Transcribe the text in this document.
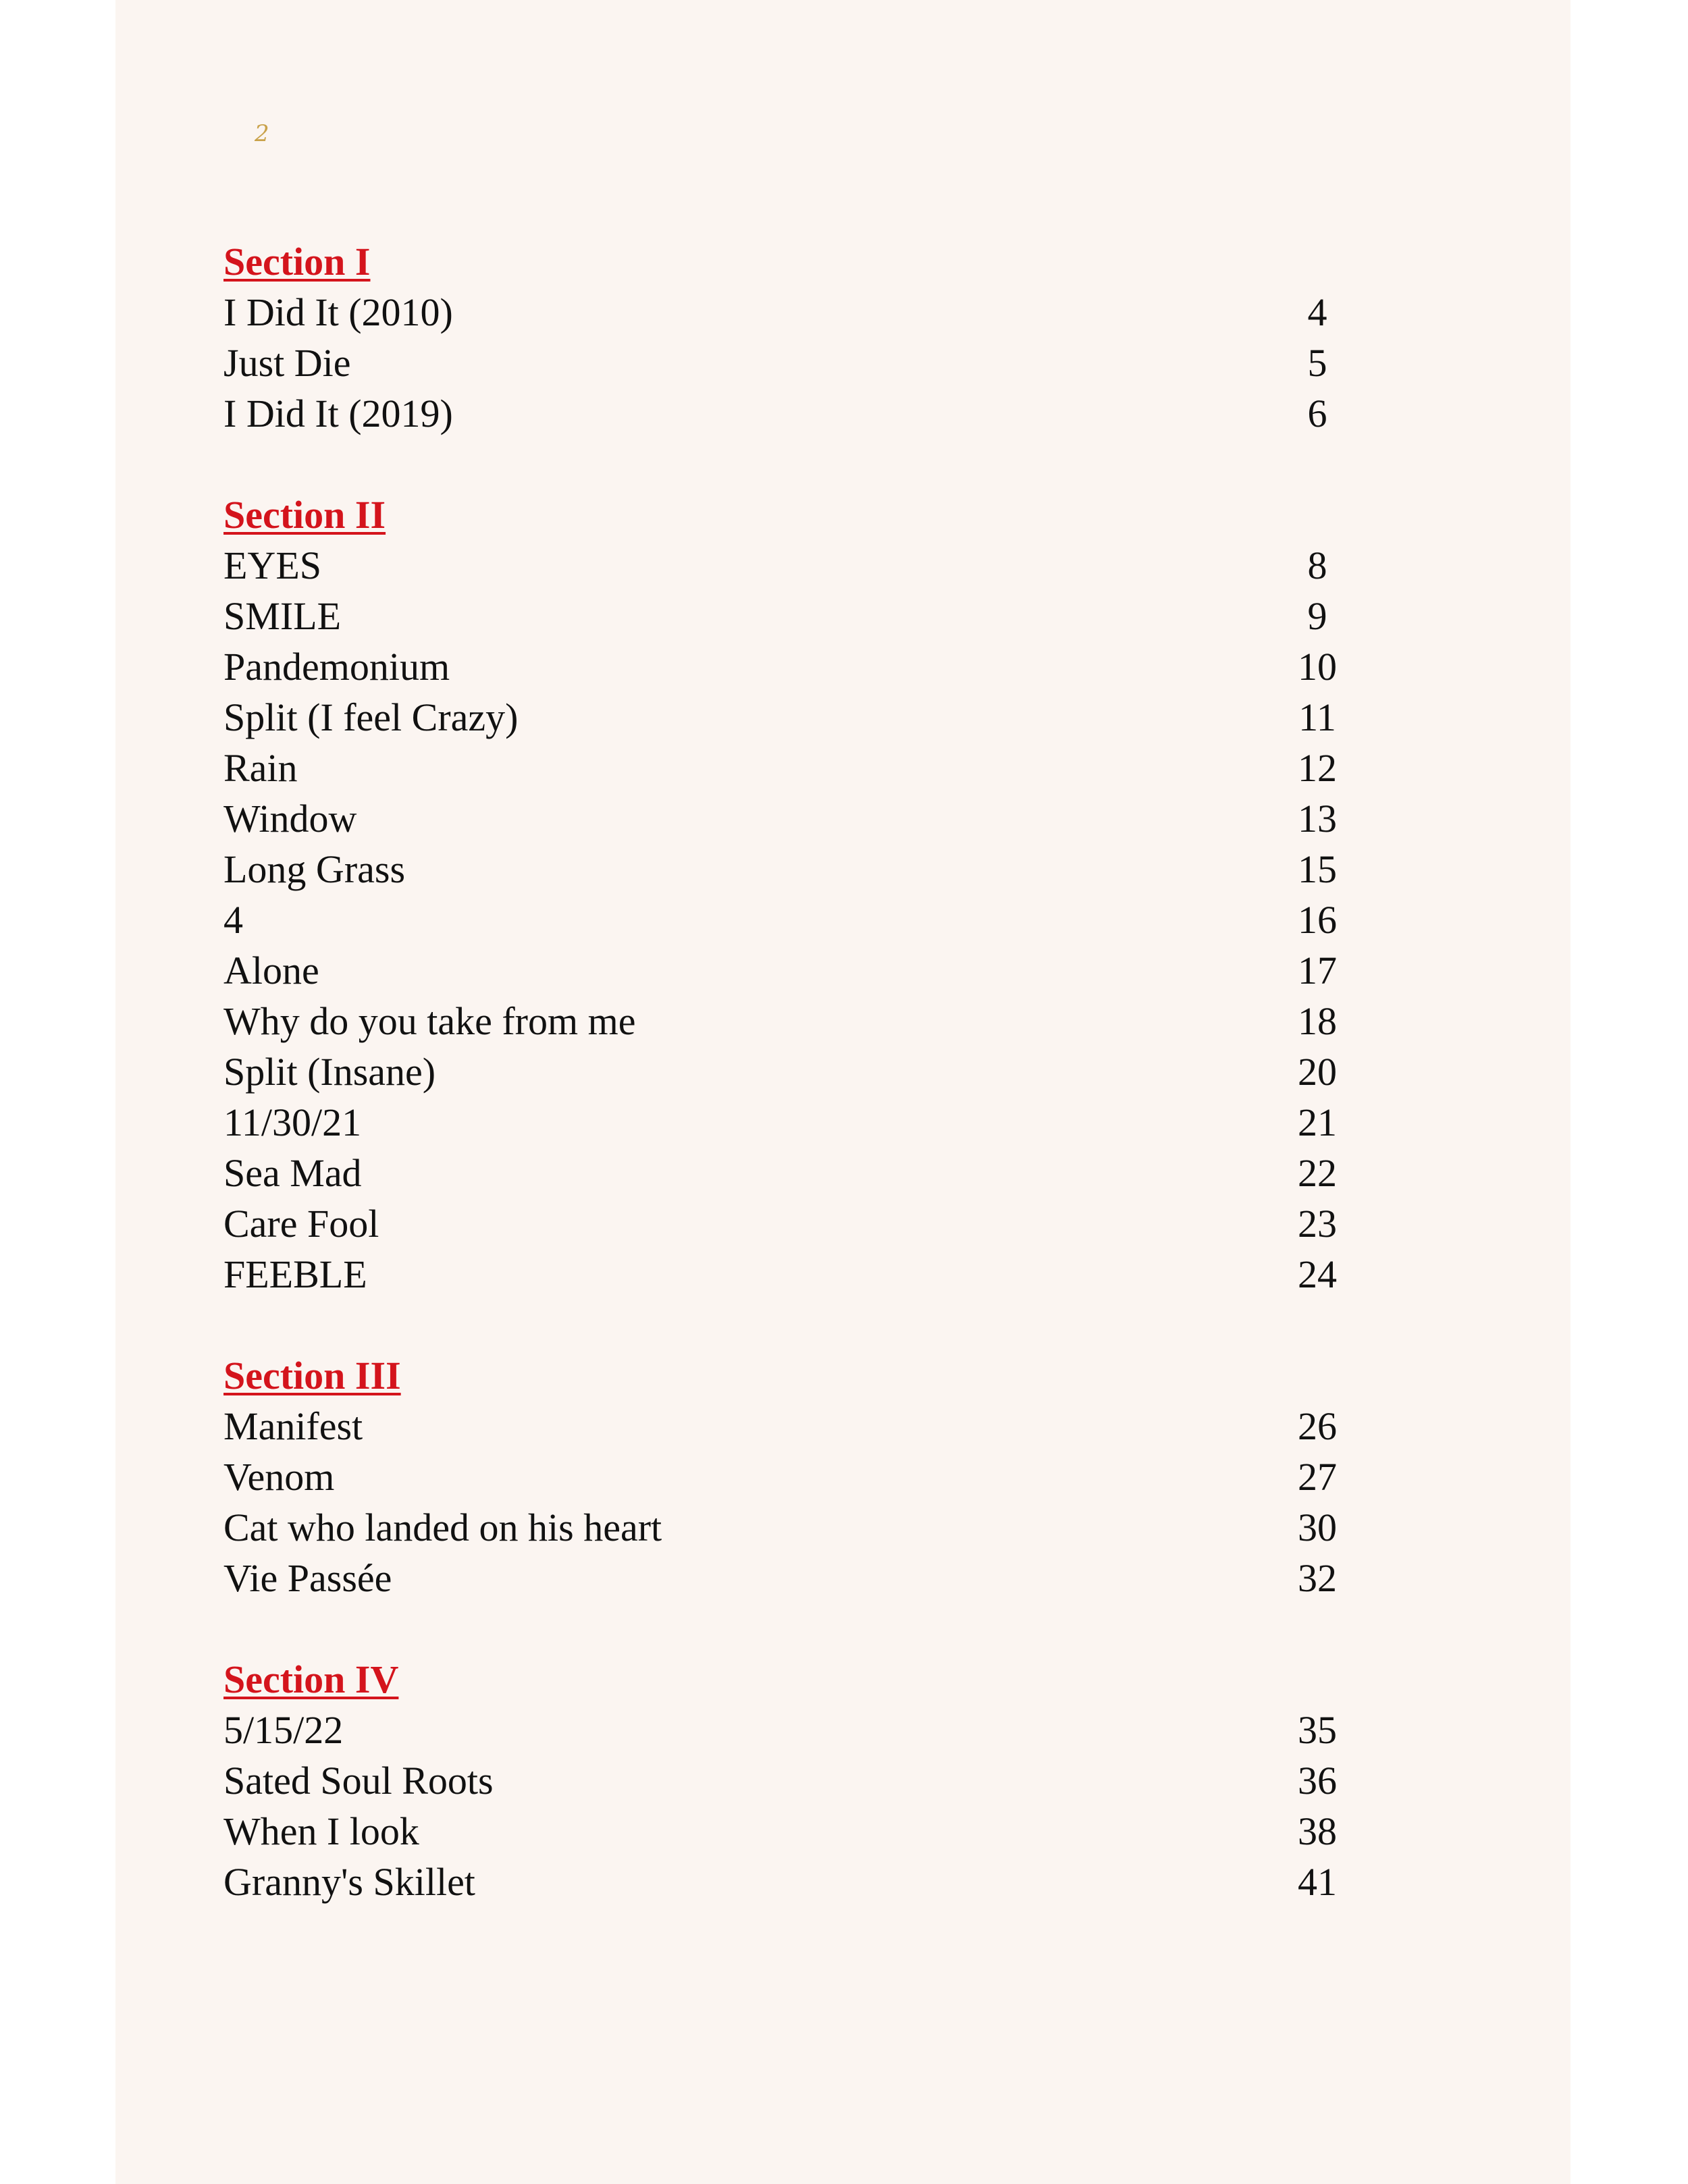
2
Section I
I Did It (2010)	4
Just Die	5
I Did It (2019)	6
Section II
EYES	8
SMILE	9
Pandemonium	10
Split (I feel Crazy)	11
Rain	12
Window	13
Long Grass	15
4	16
Alone	17
Why do you take from me	18
Split (Insane)	20
11/30/21	21
Sea Mad	22
Care Fool	23
FEEBLE	24
Section III
Manifest	26
Venom	27
Cat who landed on his heart	30
Vie Passée	32
Section IV
5/15/22	35
Sated Soul Roots	36
When I look	38
Granny's Skillet	41
